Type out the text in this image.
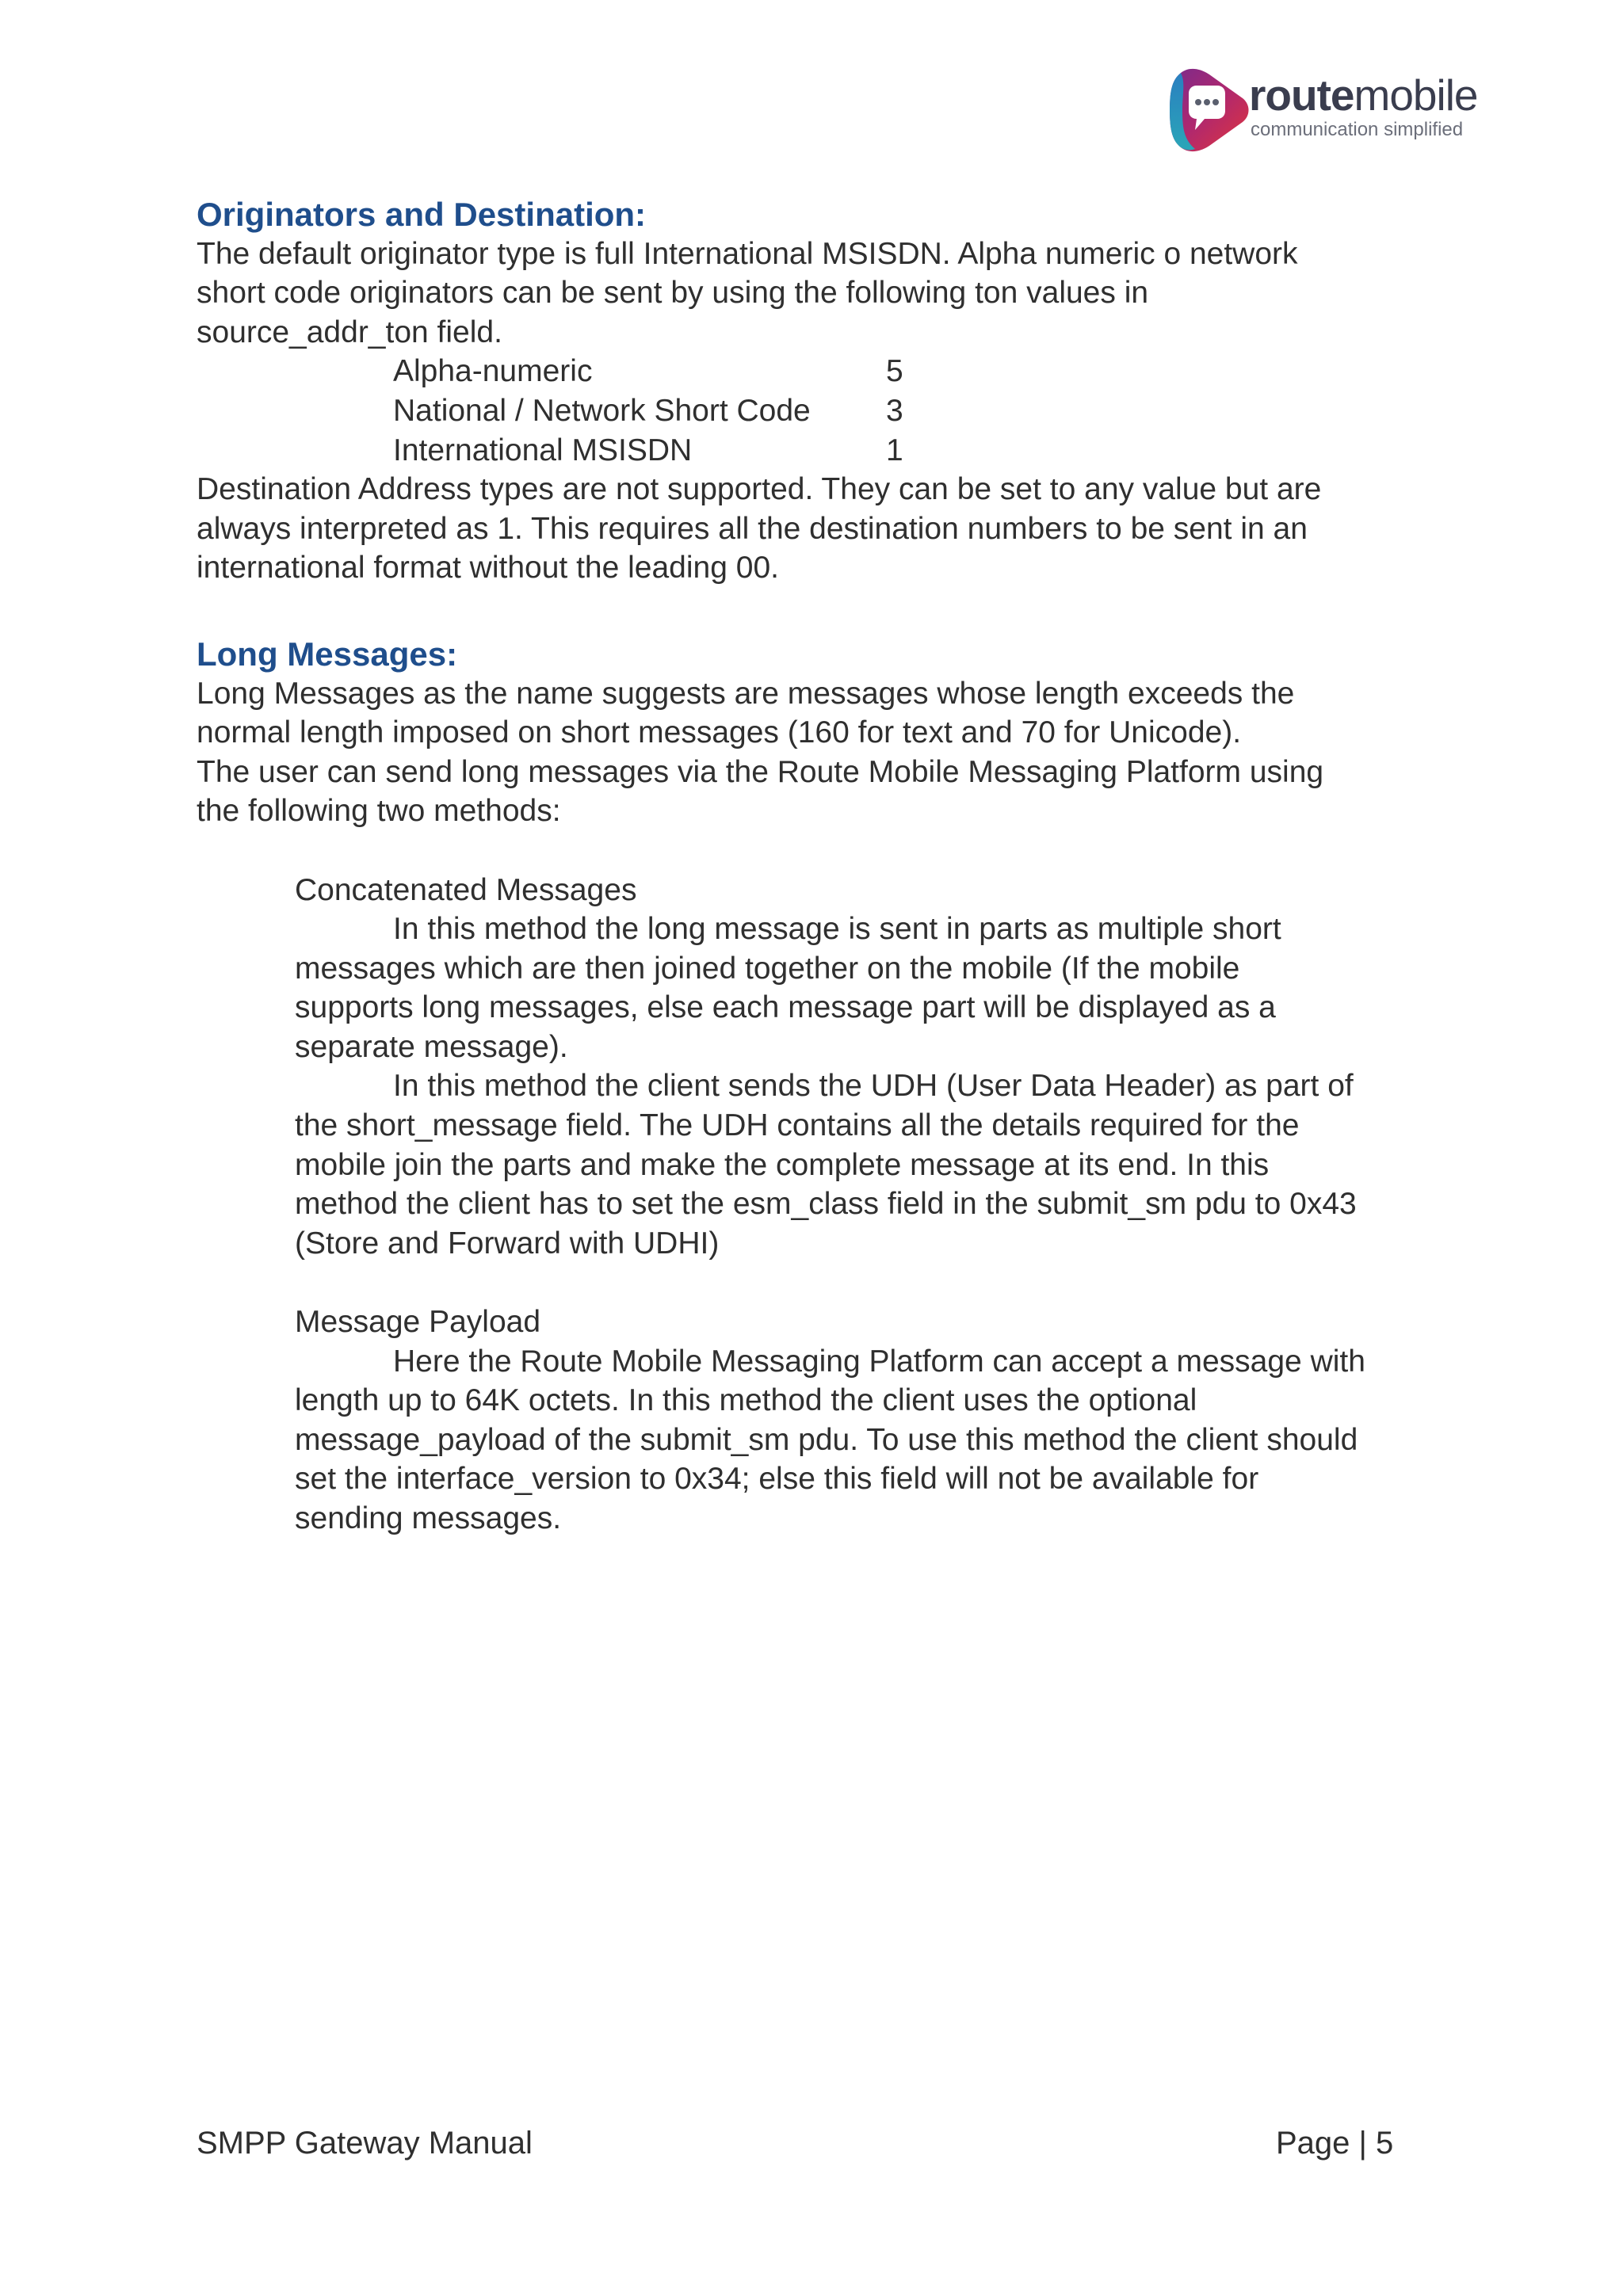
routemobile
communication simplified
Originators and Destination:

The default originator type is full International MSISDN. Alpha numeric o network
short code originators can be sent by using the following ton values in
source_addr_ton field.

Alpha-numeric	5
National / Network Short Code	3
International MSISDN	1

Destination Address types are not supported. They can be set to any value but are
always interpreted as 1. This requires all the destination numbers to be sent in an
international format without the leading 00.

Long Messages:

Long Messages as the name suggests are messages whose length exceeds the
normal length imposed on short messages (160 for text and 70 for Unicode).
The user can send long messages via the Route Mobile Messaging Platform using
the following two methods:

Concatenated Messages

In this method the long message is sent in parts as multiple short
messages which are then joined together on the mobile (If the mobile
supports long messages, else each message part will be displayed as a
separate message).

In this method the client sends the UDH (User Data Header) as part of
the short_message field. The UDH contains all the details required for the
mobile join the parts and make the complete message at its end. In this
method the client has to set the esm_class field in the submit_sm pdu to 0x43
(Store and Forward with UDHI)

Message Payload

Here the Route Mobile Messaging Platform can accept a message with
length up to 64K octets. In this method the client uses the optional
message_payload of the submit_sm pdu. To use this method the client should
set the interface_version to 0x34; else this field will not be available for
sending messages.

SMPP Gateway Manual	Page | 5
